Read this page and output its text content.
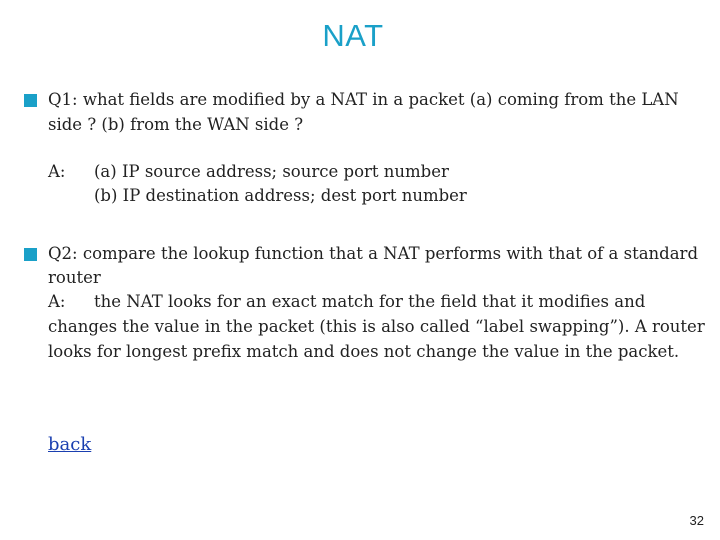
NAT
Q1: what fields are modified by a NAT in a packet (a) coming from the LAN
side ? (b) from the WAN side ?
A: (a) IP source address; source port number
(b) IP destination address; dest port number
Q2: compare the lookup function that a NAT performs with that of a standard
router
A: the NAT looks for an exact match for the field that it modifies and
changes the value in the packet (this is also called “label swapping”). A router
looks for longest prefix match and does not change the value in the packet.
back
32
